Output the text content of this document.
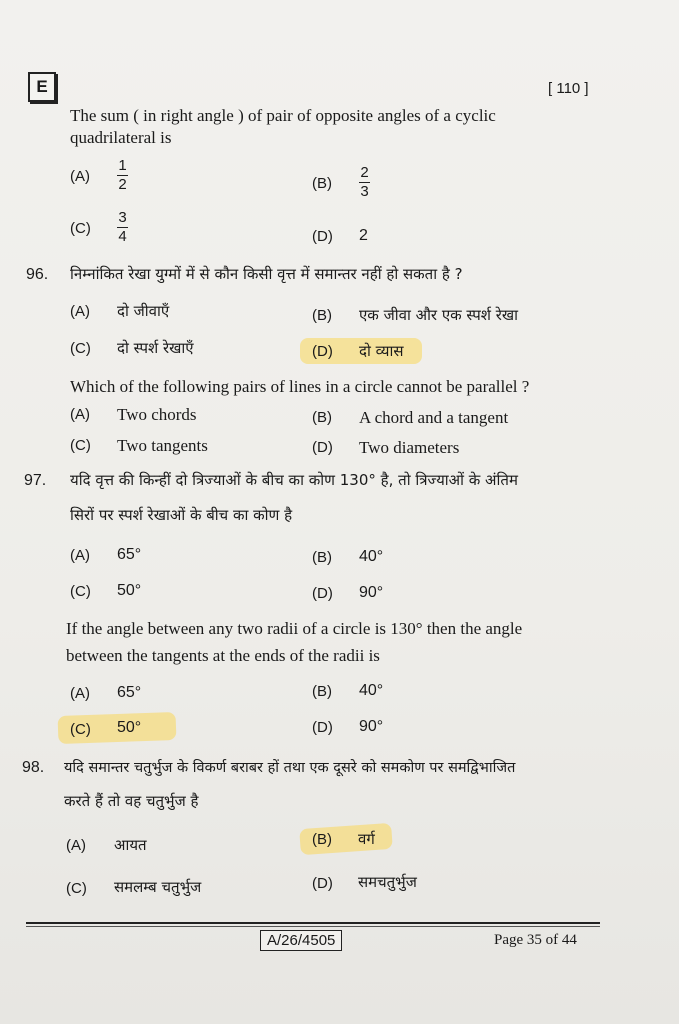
E	[ 110 ]
The sum ( in right angle ) of pair of opposite angles of a cyclic
quadrilateral is
(A)
1
2	(B)
2
3
(C)
3
4	(D) 2
96. निम्नांकित रेखा युग्मों में से कौन किसी वृत्त में समान्तर नहीं हो सकता है ?
(A) दो जीवाएँ	(B) एक जीवा और एक स्पर्श रेखा
(C) दो स्पर्श रेखाएँ	(D) दो व्यास
Which of the following pairs of lines in a circle cannot be parallel ?
(A) Two chords	(B) A chord and a tangent
(C) Two tangents	(D) Two diameters
97. यदि वृत्त की किन्हीं दो त्रिज्याओं के बीच का कोण 130° है, तो त्रिज्याओं के अंतिम
सिरों पर स्पर्श रेखाओं के बीच का कोण है
(A) 65°	(B) 40°
(C) 50°	(D) 90°
If the angle between any two radii of a circle is 130° then the angle
between the tangents at the ends of the radii is
(A) 65°	(B) 40°
(C) 50°	(D) 90°
98. यदि समान्तर चतुर्भुज के विकर्ण बराबर हों तथा एक दूसरे को समकोण पर समद्विभाजित
करते हैं तो वह चतुर्भुज है
(A) आयत	(B) वर्ग
(C) समलम्ब चतुर्भुज	(D) समचतुर्भुज
A/26/4505	Page 35 of 44
